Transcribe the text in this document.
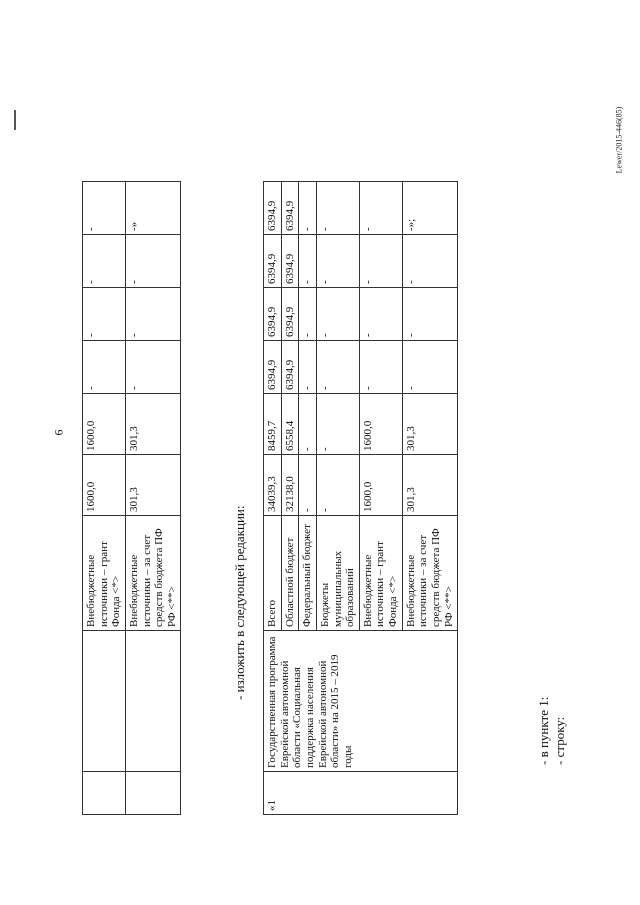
6
Lewer/2015-446(85)
		Внебюджетные источники – грант Фонда <*>	1600,0	1600,0	-	-	-	-
		Внебюджетные источники – за счет средств бюджета ПФ РФ <**>	301,3	301,3	-	-	-	-»
- изложить в следующей редакции:
«1	Государственная программа Еврейской автономной области «Социальная поддержка населения Еврейской автономной области» на 2015 – 2019 годы	Всего	34039,3	8459,7	6394,9	6394,9	6394,9	6394,9
		Областной бюджет	32138,0	6558,4	6394,9	6394,9	6394,9	6394,9
		Федеральный бюджет	-	-	-	-	-	-
		Бюджеты муниципальных образований	-	-	-	-	-	-
		Внебюджетные источники – грант Фонда <*>	1600,0	1600,0	-	-	-	-
		Внебюджетные источники – за счет средств бюджета ПФ РФ <**>	301,3	301,3	-	-	-	-»;
- в пункте 1: - строку:
